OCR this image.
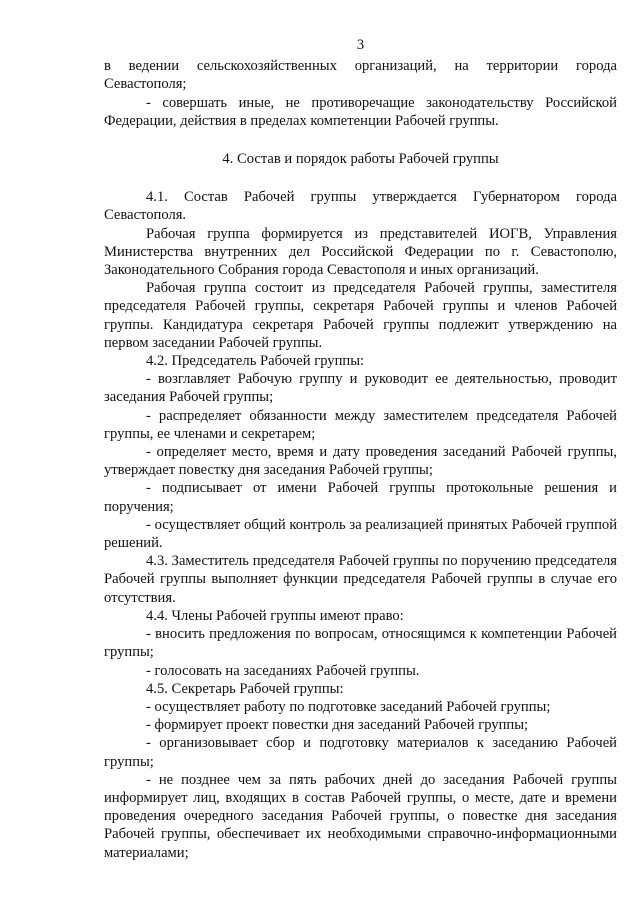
3

в ведении сельскохозяйственных организаций, на территории города Севастополя;

- совершать иные, не противоречащие законодательству Российской Федерации, действия в пределах компетенции Рабочей группы.

4. Состав и порядок работы Рабочей группы

4.1. Состав Рабочей группы утверждается Губернатором города Севастополя.

Рабочая группа формируется из представителей ИОГВ, Управления Министерства внутренних дел Российской Федерации по г. Севастополю, Законодательного Собрания города Севастополя и иных организаций.

Рабочая группа состоит из председателя Рабочей группы, заместителя председателя Рабочей группы, секретаря Рабочей группы и членов Рабочей группы. Кандидатура секретаря Рабочей группы подлежит утверждению на первом заседании Рабочей группы.

4.2. Председатель Рабочей группы:

- возглавляет Рабочую группу и руководит ее деятельностью, проводит заседания Рабочей группы;

- распределяет обязанности между заместителем председателя Рабочей группы, ее членами и секретарем;

- определяет место, время и дату проведения заседаний Рабочей группы, утверждает повестку дня заседания Рабочей группы;

- подписывает от имени Рабочей группы протокольные решения и поручения;

- осуществляет общий контроль за реализацией принятых Рабочей группой решений.

4.3. Заместитель председателя Рабочей группы по поручению председателя Рабочей группы выполняет функции председателя Рабочей группы в случае его отсутствия.

4.4. Члены Рабочей группы имеют право:

- вносить предложения по вопросам, относящимся к компетенции Рабочей группы;

- голосовать на заседаниях Рабочей группы.

4.5. Секретарь Рабочей группы:

- осуществляет работу по подготовке заседаний Рабочей группы;

- формирует проект повестки дня заседаний Рабочей группы;

- организовывает сбор и подготовку материалов к заседанию Рабочей группы;

- не позднее чем за пять рабочих дней до заседания Рабочей группы информирует лиц, входящих в состав Рабочей группы, о месте, дате и времени проведения очередного заседания Рабочей группы, о повестке дня заседания Рабочей группы, обеспечивает их необходимыми справочно-информационными материалами;
